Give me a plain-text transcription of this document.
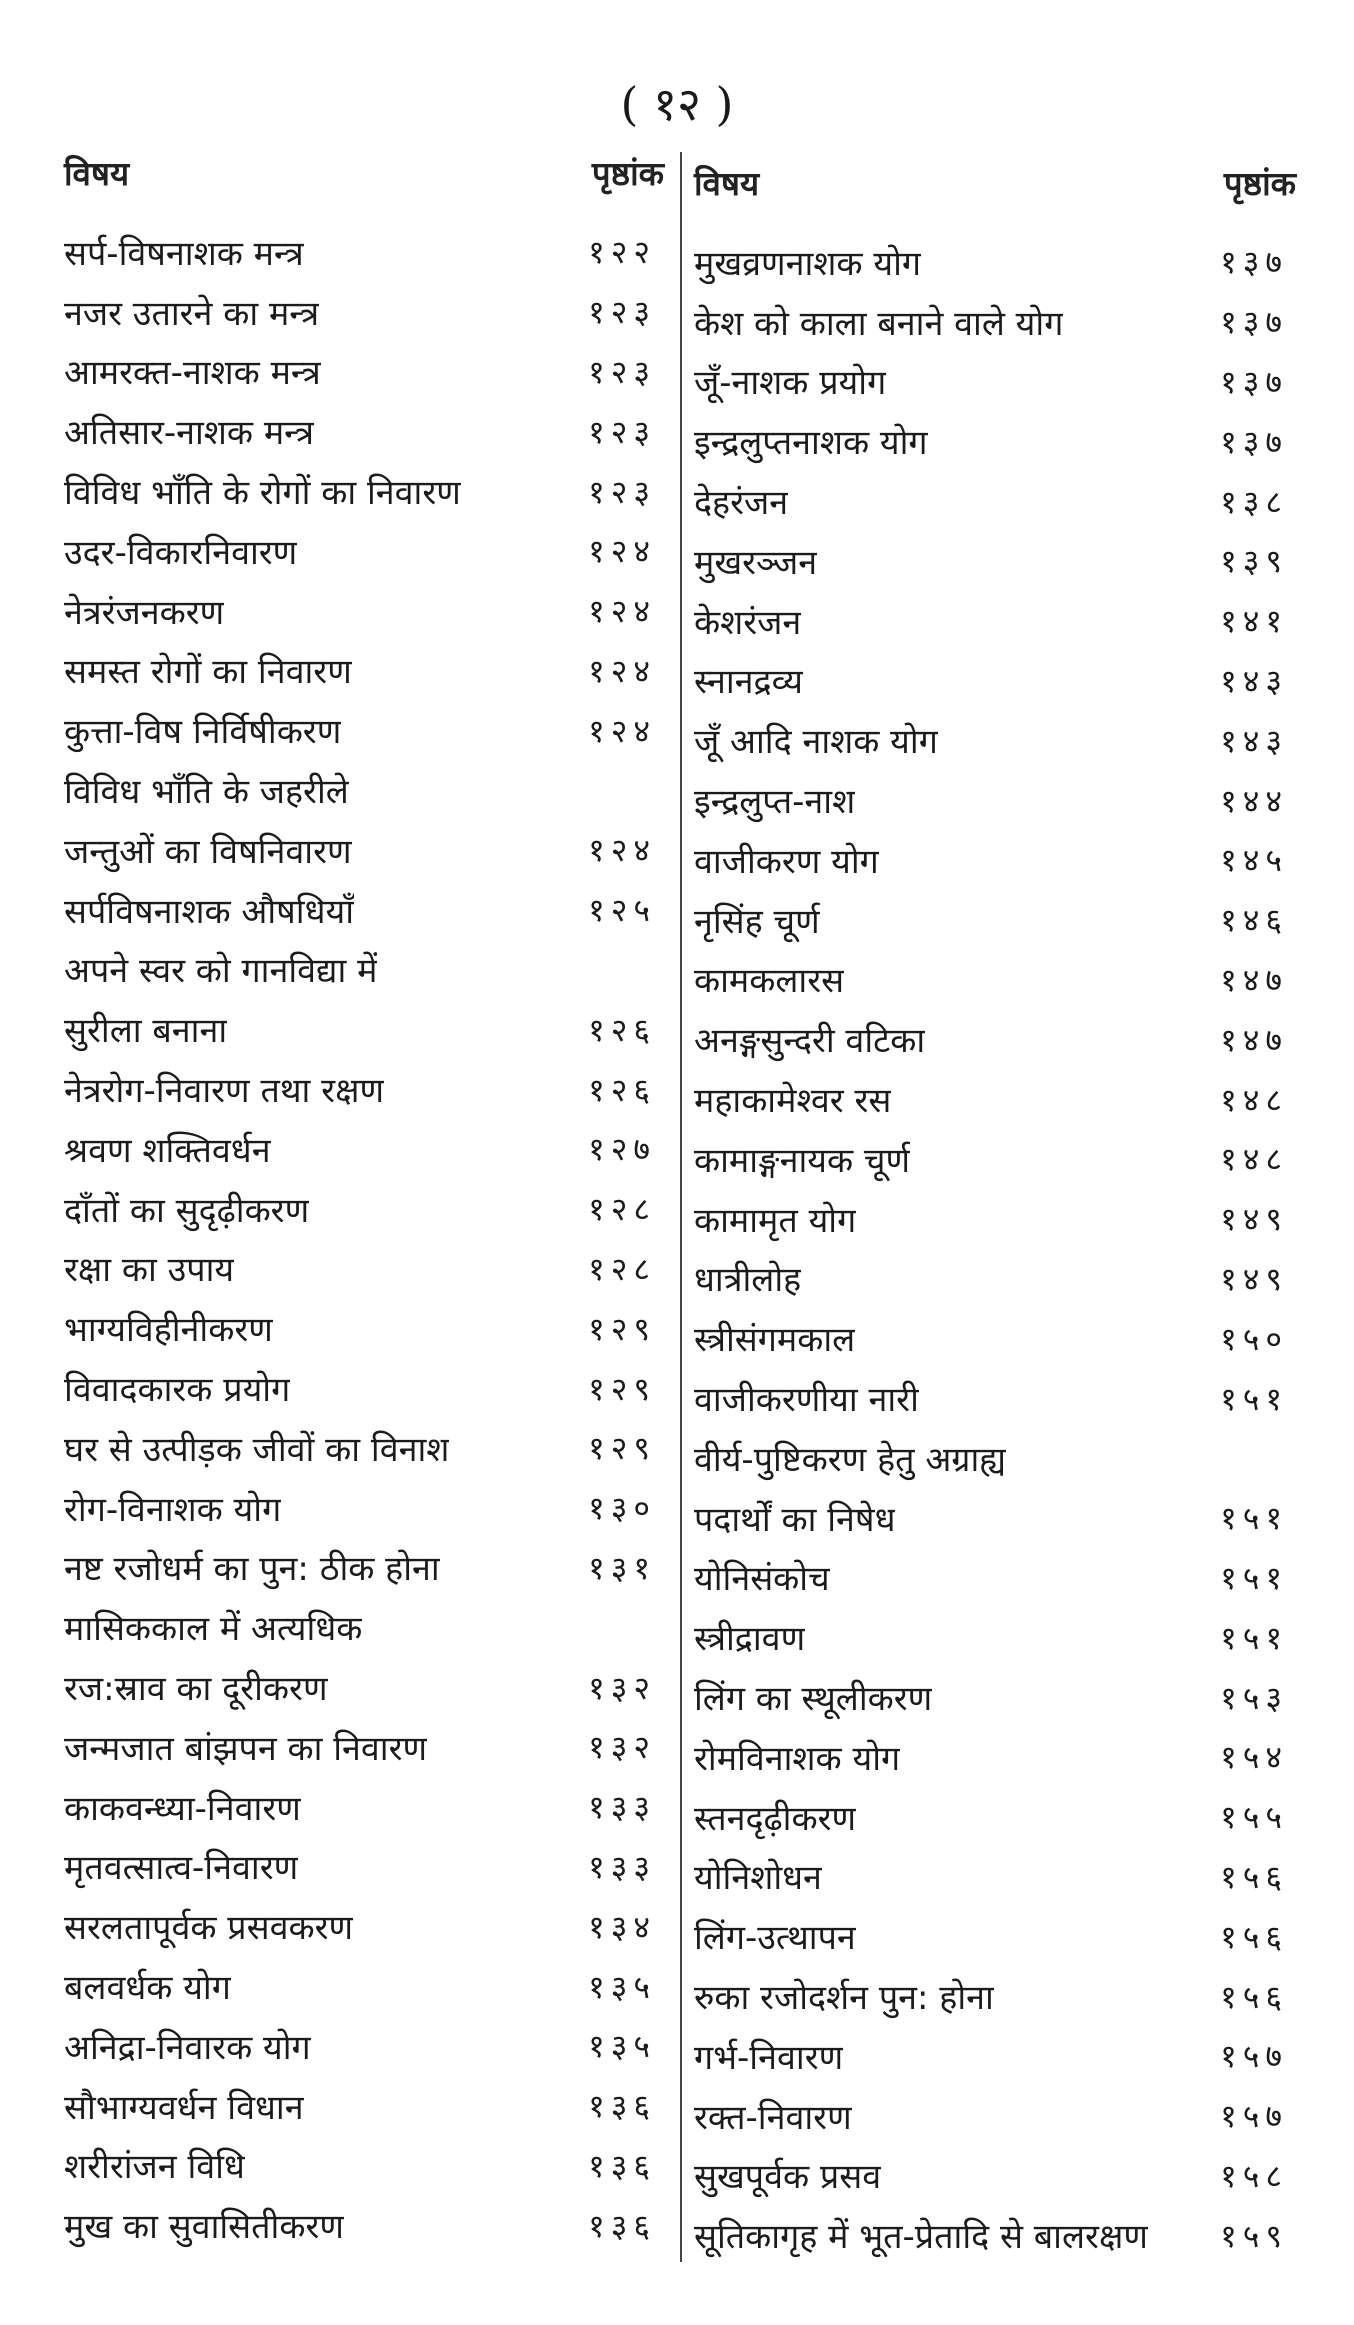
( १२ )
विषय	पृष्ठांक
सर्प-विषनाशक मन्त्र	१२२
नजर उतारने का मन्त्र	१२३
आमरक्त-नाशक मन्त्र	१२३
अतिसार-नाशक मन्त्र	१२३
विविध भाँति के रोगों का निवारण	१२३
उदर-विकारनिवारण	१२४
नेत्ररंजनकरण	१२४
समस्त रोगों का निवारण	१२४
कुत्ता-विष निर्विषीकरण	१२४
विविध भाँति के जहरीले
जन्तुओं का विषनिवारण	१२४
सर्पविषनाशक औषधियाँ	१२५
अपने स्वर को गानविद्या में
सुरीला बनाना	१२६
नेत्ररोग-निवारण तथा रक्षण	१२६
श्रवण शक्तिवर्धन	१२७
दाँतों का सुदृढ़ीकरण	१२८
रक्षा का उपाय	१२८
भाग्यविहीनीकरण	१२९
विवादकारक प्रयोग	१२९
घर से उत्पीड़क जीवों का विनाश	१२९
रोग-विनाशक योग	१३०
नष्ट रजोधर्म का पुन: ठीक होना	१३१
मासिककाल में अत्यधिक
रज:स्राव का दूरीकरण	१३२
जन्मजात बांझपन का निवारण	१३२
काकवन्ध्या-निवारण	१३३
मृतवत्सात्व-निवारण	१३३
सरलतापूर्वक प्रसवकरण	१३४
बलवर्धक योग	१३५
अनिद्रा-निवारक योग	१३५
सौभाग्यवर्धन विधान	१३६
शरीरांजन विधि	१३६
मुख का सुवासितीकरण	१३६
विषय	पृष्ठांक
मुखव्रणनाशक योग	१३७
केश को काला बनाने वाले योग	१३७
जूँ-नाशक प्रयोग	१३७
इन्द्रलुप्तनाशक योग	१३७
देहरंजन	१३८
मुखरञ्जन	१३९
केशरंजन	१४१
स्नानद्रव्य	१४३
जूँ आदि नाशक योग	१४३
इन्द्रलुप्त-नाश	१४४
वाजीकरण योग	१४५
नृसिंह चूर्ण	१४६
कामकलारस	१४७
अनङ्गसुन्दरी वटिका	१४७
महाकामेश्वर रस	१४८
कामाङ्गनायक चूर्ण	१४८
कामामृत योग	१४९
धात्रीलोह	१४९
स्त्रीसंगमकाल	१५०
वाजीकरणीया नारी	१५१
वीर्य-पुष्टिकरण हेतु अग्राह्य
पदार्थों का निषेध	१५१
योनिसंकोच	१५१
स्त्रीद्रावण	१५१
लिंग का स्थूलीकरण	१५३
रोमविनाशक योग	१५४
स्तनदृढ़ीकरण	१५५
योनिशोधन	१५६
लिंग-उत्थापन	१५६
रुका रजोदर्शन पुन: होना	१५६
गर्भ-निवारण	१५७
रक्त-निवारण	१५७
सुखपूर्वक प्रसव	१५८
सूतिकागृह में भूत-प्रेतादि से बालरक्षण १५९
